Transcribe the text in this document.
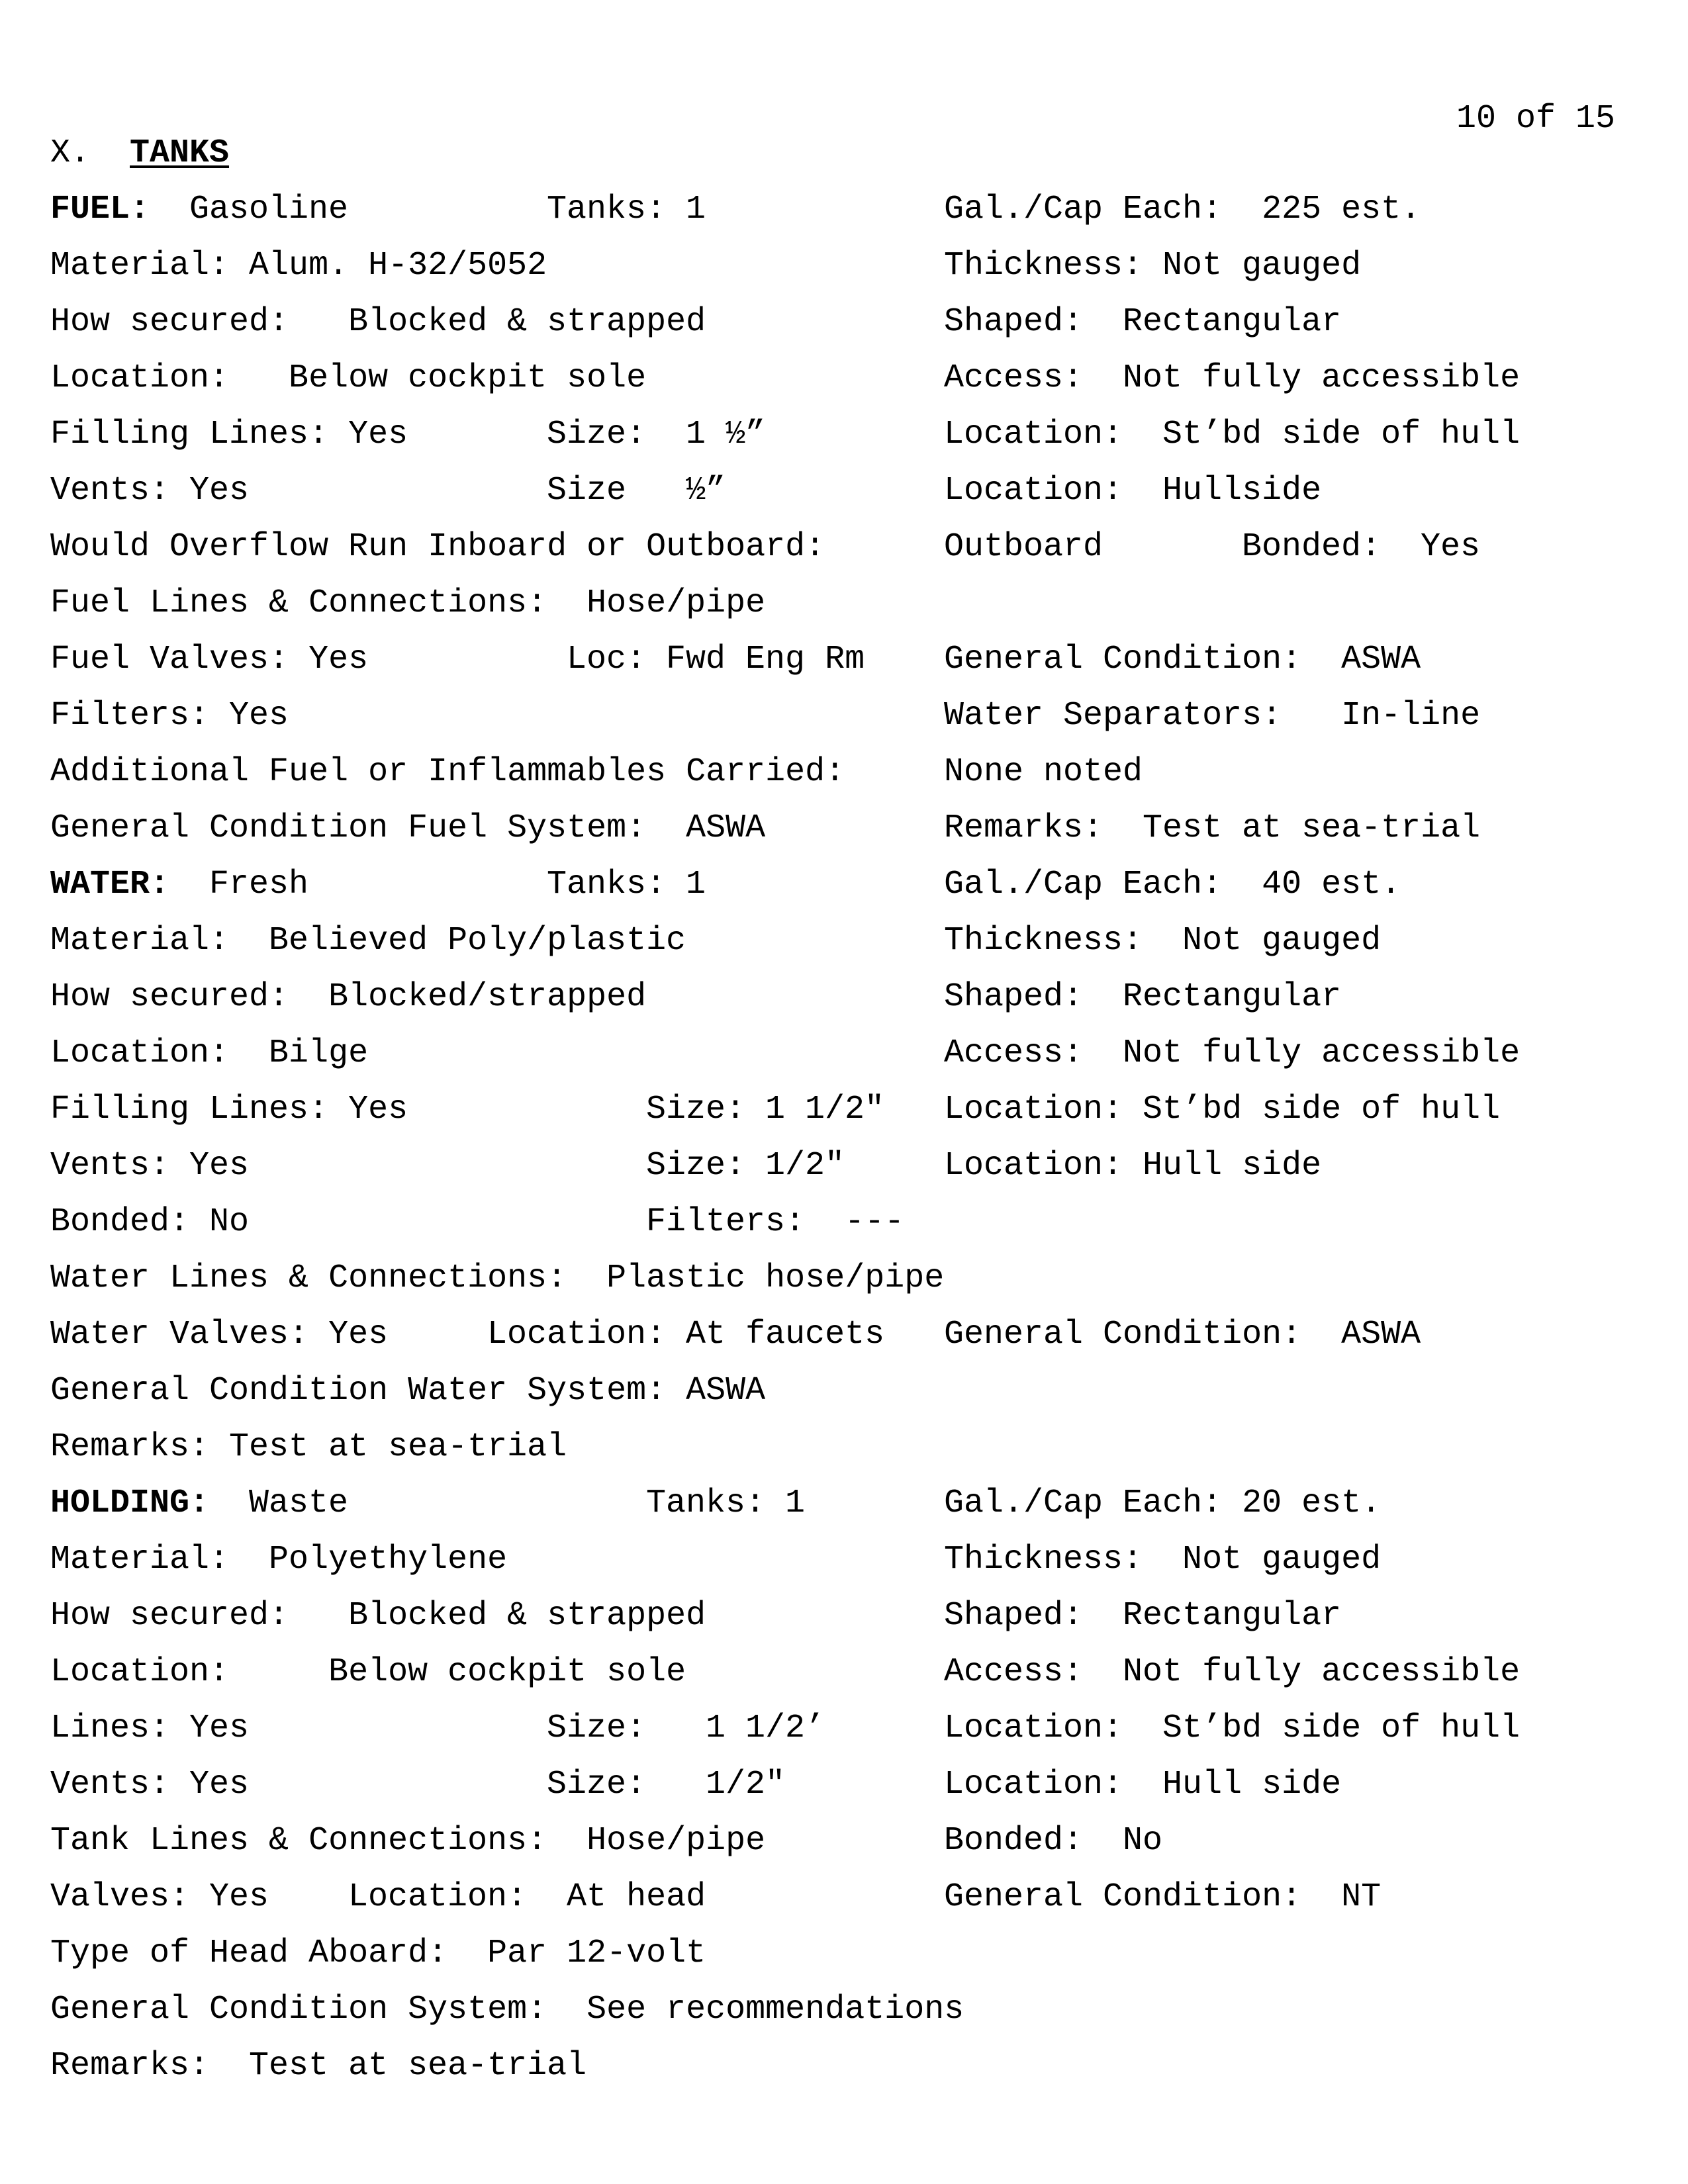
10 of 15
X. TANKS
FUEL: Gasoline	Tanks: 1	Gal./Cap Each:  225 est.
Material: Alum. H-32/5052	Thickness: Not gauged
How secured:   Blocked & strapped	Shaped:  Rectangular
Location:   Below cockpit sole	Access:  Not fully accessible
Filling Lines: Yes	Size:  1 ½”	Location:  St’bd side of hull
Vents: Yes	Size   ½”	Location:  Hullside
Would Overflow Run Inboard or Outboard:	Outboard	Bonded:  Yes
Fuel Lines & Connections:  Hose/pipe
Fuel Valves: Yes	Loc: Fwd Eng Rm General Condition:  ASWA
Filters: Yes	Water Separators:   In-line
Additional Fuel or Inflammables Carried:	None noted
General Condition Fuel System:  ASWA	Remarks:  Test at sea-trial
WATER: Fresh	Tanks: 1	Gal./Cap Each:  40 est.
Material:  Believed Poly/plastic	Thickness:  Not gauged
How secured:  Blocked/strapped	Shaped:  Rectangular
Location:  Bilge	Access:  Not fully accessible
Filling Lines: Yes	Size: 1 1/2" Location: St’bd side of hull
Vents: Yes	Size: 1/2"	Location: Hull side
Bonded: No	Filters:  ---
Water Lines & Connections:  Plastic hose/pipe
Water Valves: Yes	Location: At faucets General Condition:  ASWA
General Condition Water System: ASWA
Remarks: Test at sea-trial
HOLDING: Waste	Tanks: 1	Gal./Cap Each: 20 est.
Material:  Polyethylene	Thickness:  Not gauged
How secured:   Blocked & strapped	Shaped:  Rectangular
Location:     Below cockpit sole	Access:  Not fully accessible
Lines: Yes	Size:   1 1/2’	Location:  St’bd side of hull
Vents: Yes	Size:   1/2"	Location:  Hull side
Tank Lines & Connections:  Hose/pipe	Bonded:  No
Valves: Yes Location:  At head	General Condition:  NT
Type of Head Aboard:  Par 12-volt
General Condition System:  See recommendations
Remarks:  Test at sea-trial
